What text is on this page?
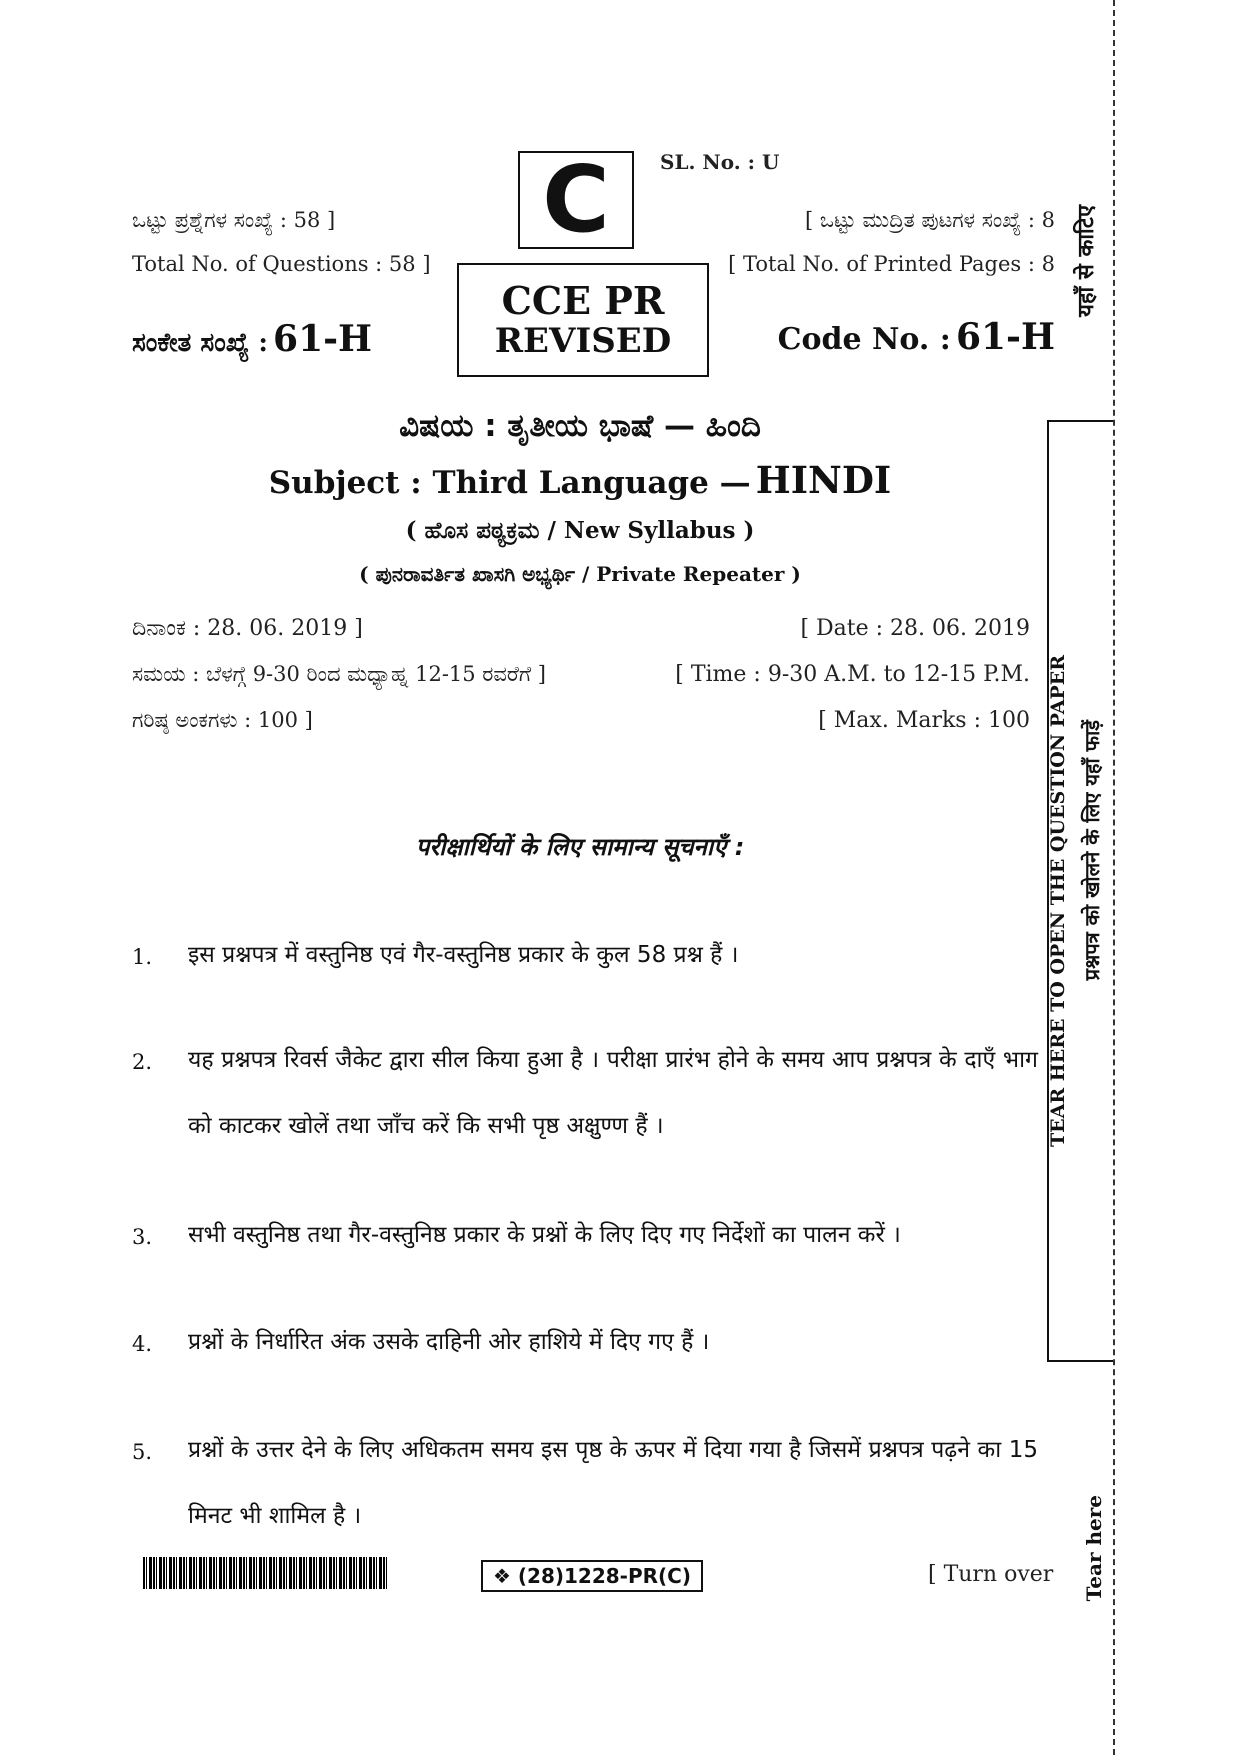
SL. No. : U
C
ಒಟ್ಟು ಪ್ರಶ್ನೆಗಳ ಸಂಖ್ಯೆ : 58 ]
Total No. of Questions : 58 ]
[ ಒಟ್ಟು ಮುದ್ರಿತ ಪುಟಗಳ ಸಂಖ್ಯೆ : 8
[ Total No. of Printed Pages : 8
CCE PR
REVISED
ಸಂಕೇತ ಸಂಖ್ಯೆ : 61-H	Code No. : 61-H
ವಿಷಯ : ತೃತೀಯ ಭಾಷೆ — ಹಿಂದಿ
Subject : Third Language — HINDI
( ಹೊಸ ಪಠ್ಯಕ್ರಮ / New Syllabus )
( ಪುನರಾವರ್ತಿತ ಖಾಸಗಿ ಅಭ್ಯರ್ಥಿ / Private Repeater )
ದಿನಾಂಕ : 28. 06. 2019 ]	[ Date : 28. 06. 2019
ಸಮಯ : ಬೆಳಗ್ಗೆ 9-30 ರಿಂದ ಮಧ್ಯಾಹ್ನ 12-15 ರವರೆಗೆ ]	[ Time : 9-30 A.M. to 12-15 P.M.
ಗರಿಷ್ಠ ಅಂಕಗಳು : 100 ]	[ Max. Marks : 100
परीक्षार्थियों के लिए सामान्य सूचनाएँ :
1. इस प्रश्नपत्र में वस्तुनिष्ठ एवं गैर-वस्तुनिष्ठ प्रकार के कुल 58 प्रश्न हैं ।
2. यह प्रश्नपत्र रिवर्स जैकेट द्वारा सील किया हुआ है । परीक्षा प्रारंभ होने के समय आप प्रश्नपत्र के दाएँ भाग को काटकर खोलें तथा जाँच करें कि सभी पृष्ठ अक्षुण्ण हैं ।
3. सभी वस्तुनिष्ठ तथा गैर-वस्तुनिष्ठ प्रकार के प्रश्नों के लिए दिए गए निर्देशों का पालन करें ।
4. प्रश्नों के निर्धारित अंक उसके दाहिनी ओर हाशिये में दिए गए हैं ।
5. प्रश्नों के उत्तर देने के लिए अधिकतम समय इस पृष्ठ के ऊपर में दिया गया है जिसमें प्रश्नपत्र पढ़ने का 15 मिनट भी शामिल है ।
❖ (28)1228-PR(C)	[ Turn over
यहाँ से काटिए
TEAR HERE TO OPEN THE QUESTION PAPER प्रश्नपत्र को खोलने के लिए यहाँ फाड़ें
Tear here
